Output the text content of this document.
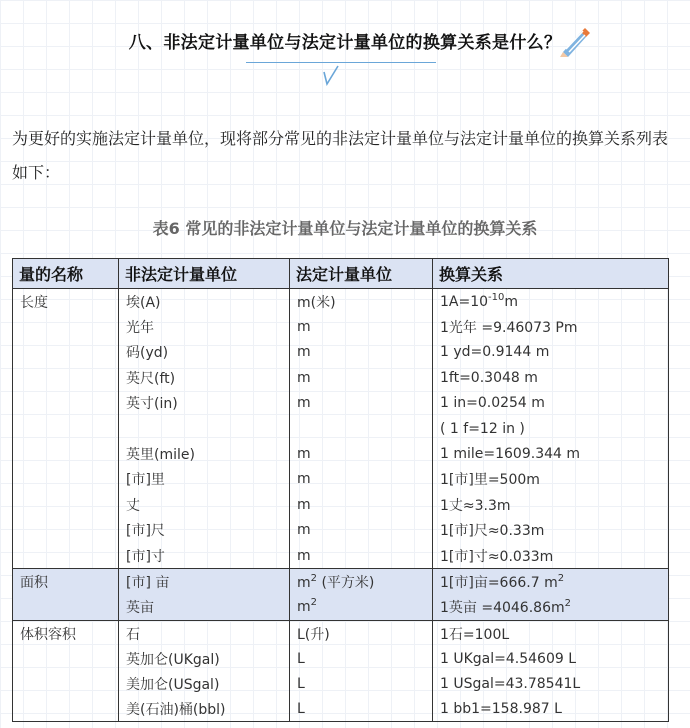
八、非法定计量单位与法定计量单位的换算关系是什么？
为更好的实施法定计量单位，现将部分常见的非法定计量单位与法定计量单位的换算关系列表如下：
表6 常见的非法定计量单位与法定计量单位的换算关系
量的名称	非法定计量单位	法定计量单位	换算关系
长度	埃(A)	m(米)	$1A=10^{-10}m$
	光年	m	1光年 =9.46073 Pm
	码(yd)	m	1 yd=0.9144 m
	英尺(ft)	m	1ft=0.3048 m
	英寸(in)	m	1 in=0.0254 m
			( 1 f=12 in )
	英里(mile)	m	1 mile=1609.344 m
	[市]里	m	1[市]里=500m
	丈	m	1丈≈3.3m
	[市]尺	m	1[市]尺≈0.33m
	[市]寸	m	1[市]寸≈0.033m
面积	[市] 亩	$m^2$ (平方米)	1[市]亩=666.7 $m^2$
	英亩	$m^2$	1英亩 $=4046.86m^2$
体积容积	石	L(升)	1石=100L
	英加仑(UKgal)	L	1 UKgal=4.54609 L
	美加仑(USgal)	L	1 USgal=43.78541L
	美(石油)桶(bbl)	L	1 bb1=158.987 L
